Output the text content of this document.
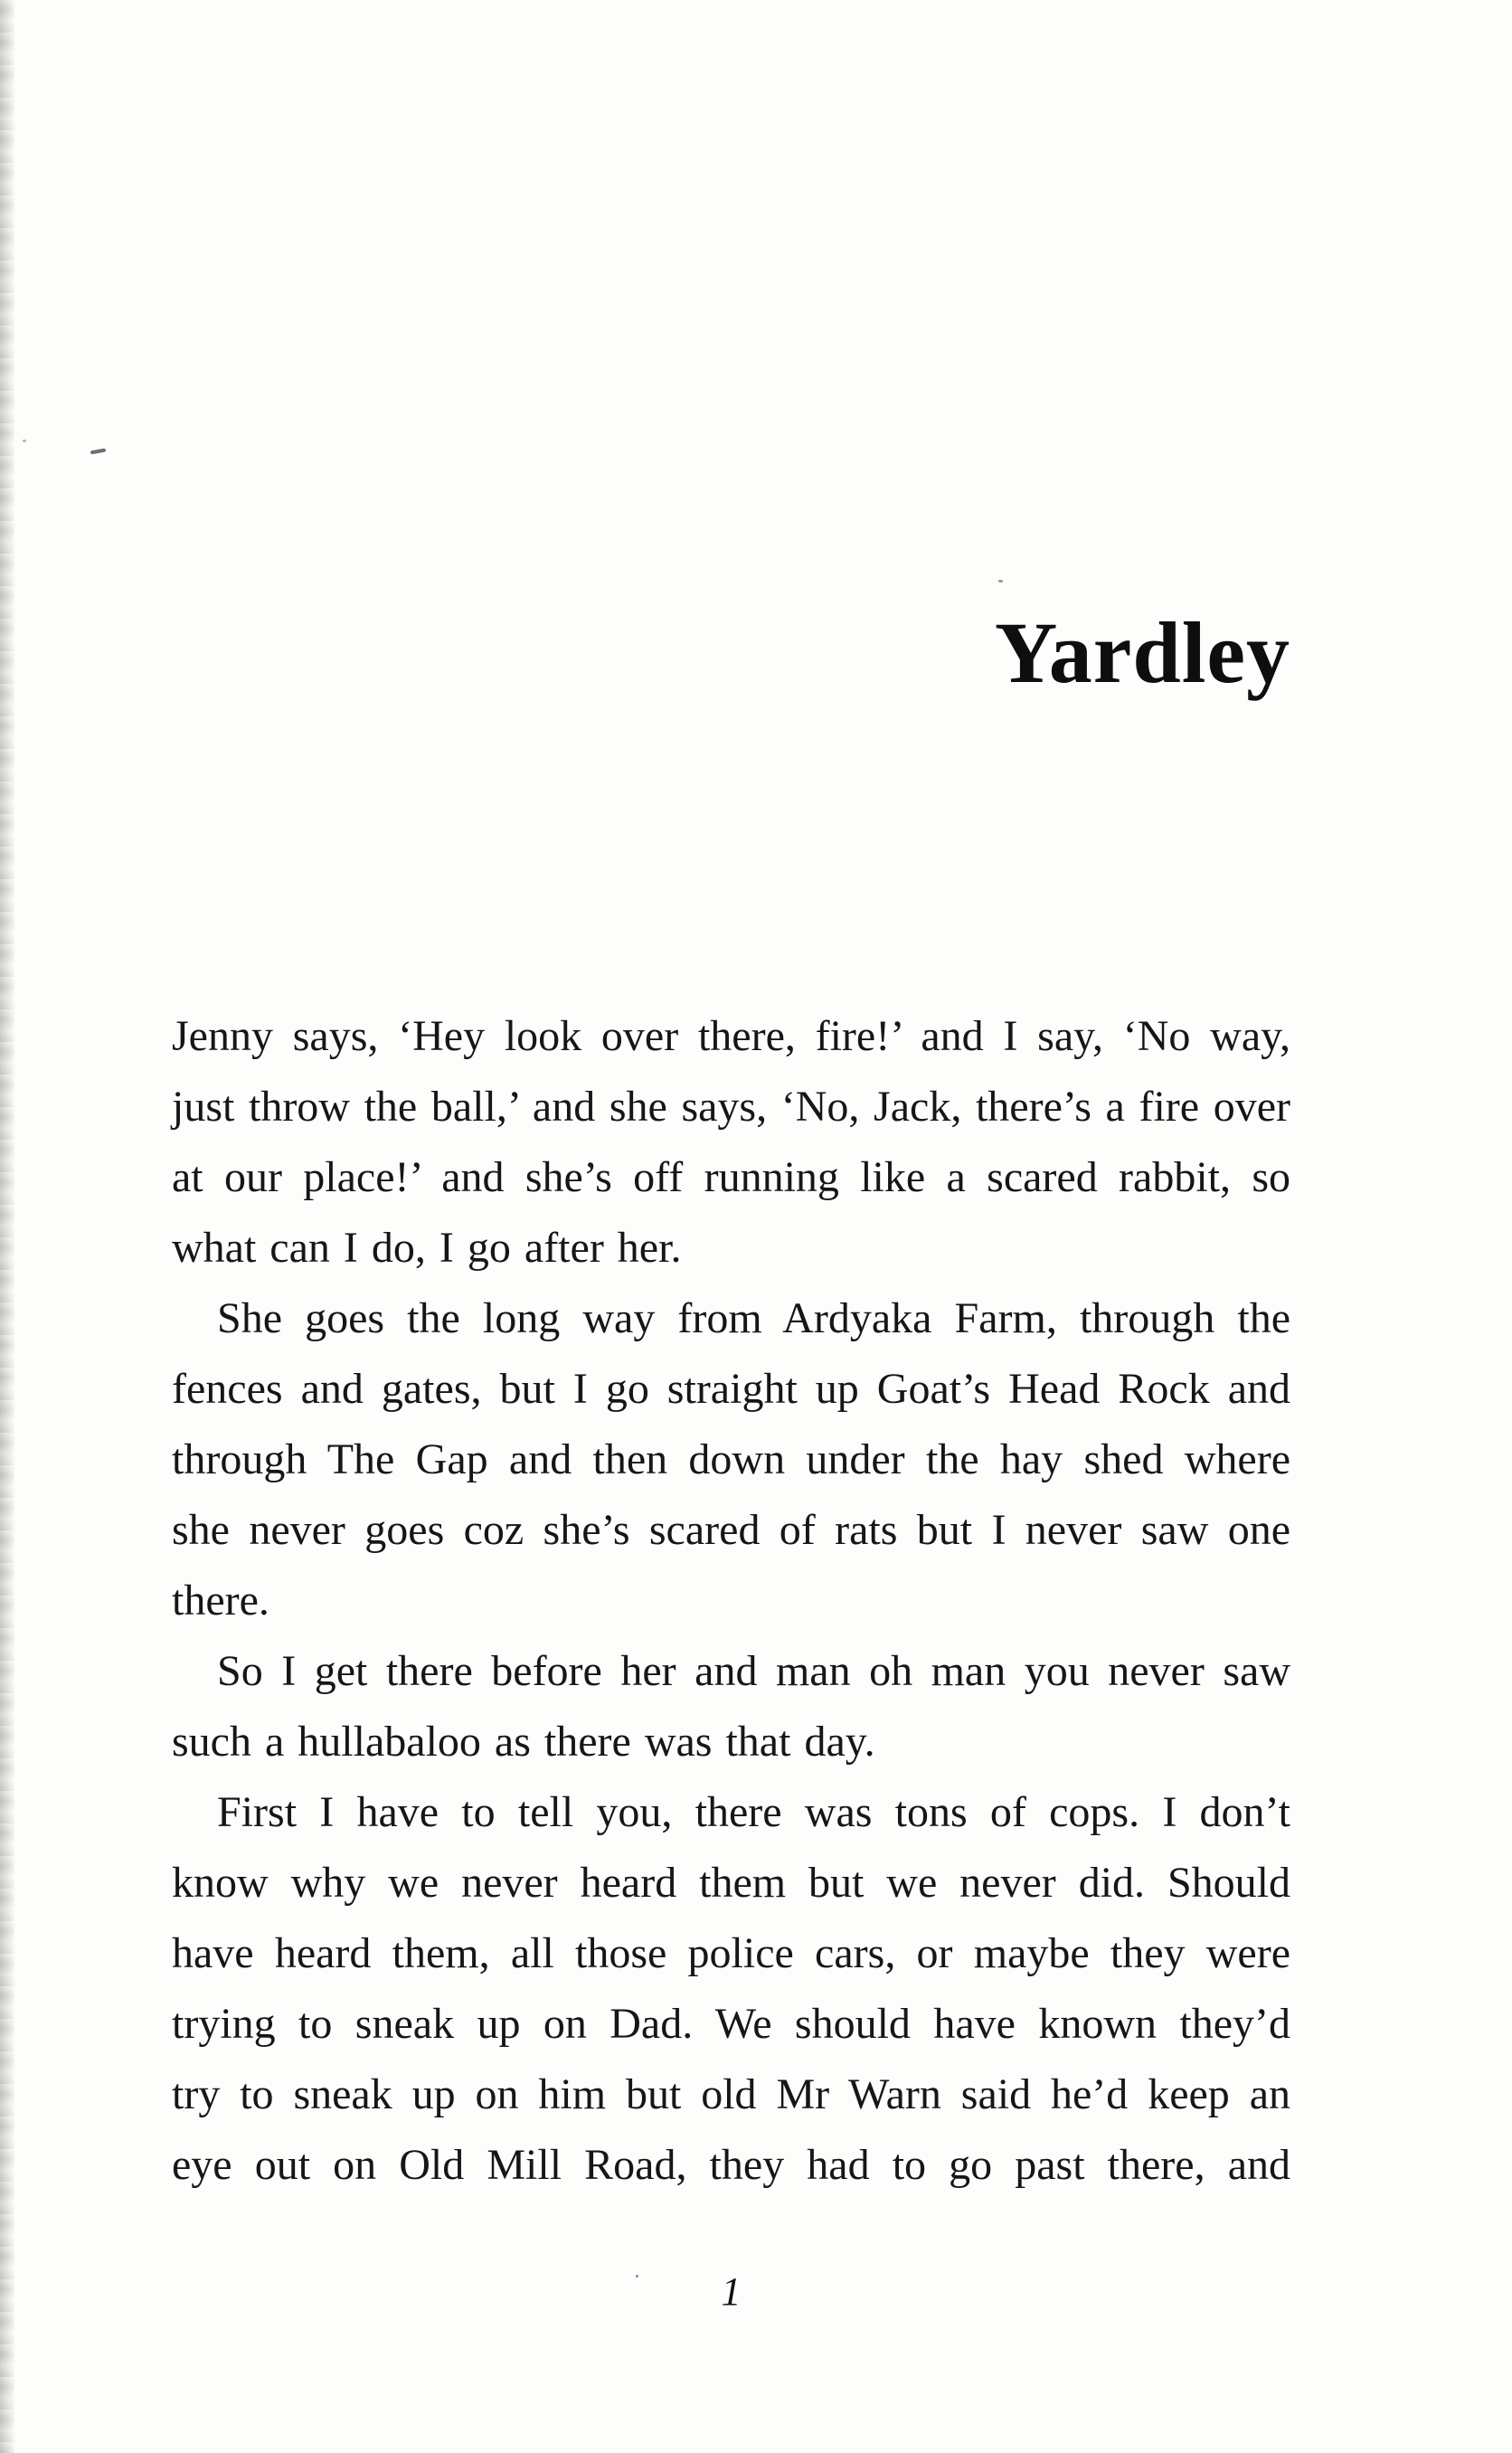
Yardley
Jenny says, ‘Hey look over there, fire!’ and I say, ‘No way,
just throw the ball,’ and she says, ‘No, Jack, there’s a fire over
at our place!’ and she’s off running like a scared rabbit, so
what can I do, I go after her.
She goes the long way from Ardyaka Farm, through the
fences and gates, but I go straight up Goat’s Head Rock and
through The Gap and then down under the hay shed where
she never goes coz she’s scared of rats but I never saw one
there.
So I get there before her and man oh man you never saw
such a hullabaloo as there was that day.
First I have to tell you, there was tons of cops. I don’t
know why we never heard them but we never did. Should
have heard them, all those police cars, or maybe they were
trying to sneak up on Dad. We should have known they’d
try to sneak up on him but old Mr Warn said he’d keep an
eye out on Old Mill Road, they had to go past there, and
1
